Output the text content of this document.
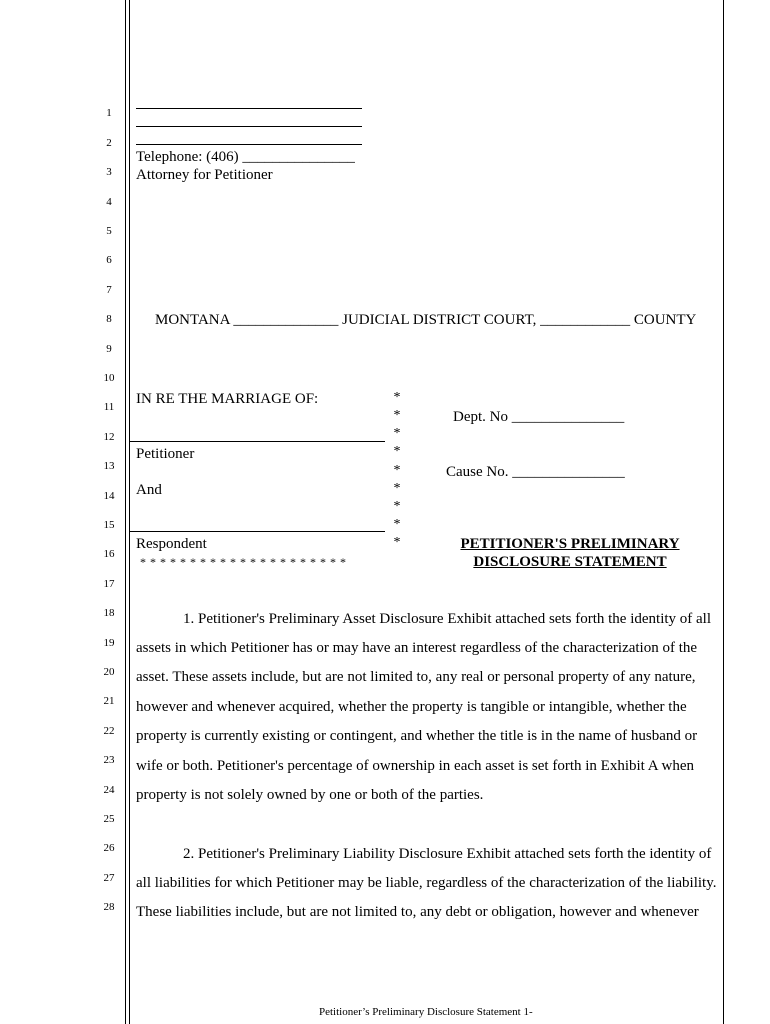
1
2
3
4
5
6
7
8
9
10
11
12
13
14
15
16
17
18
19
20
21
22
23
24
25
26
27
28
Telephone: (406) _______________
Attorney for Petitioner
MONTANA ______________ JUDICIAL DISTRICT COURT, ____________ COUNTY
IN RE THE MARRIAGE OF:
Petitioner
And
Respondent
* * * * * * * * * * * * * * * * * * * * *
*
*
*
*
*
*
*
*
*
Dept. No _______________
Cause No. _______________
PETITIONER'S PRELIMINARY
DISCLOSURE STATEMENT
1. Petitioner's Preliminary Asset Disclosure Exhibit attached sets forth the identity of all
assets in which Petitioner has or may have an interest regardless of the characterization of the
asset. These assets include, but are not limited to, any real or personal property of any nature,
however and whenever acquired, whether the property is tangible or intangible, whether the
property is currently existing or contingent, and whether the title is in the name of husband or
wife or both. Petitioner's percentage of ownership in each asset is set forth in Exhibit A when
property is not solely owned by one or both of the parties.
2. Petitioner's Preliminary Liability Disclosure Exhibit attached sets forth the identity of
all liabilities for which Petitioner may be liable, regardless of the characterization of the liability.
These liabilities include, but are not limited to, any debt or obligation, however and whenever
Petitioner’s Preliminary Disclosure Statement 1-
